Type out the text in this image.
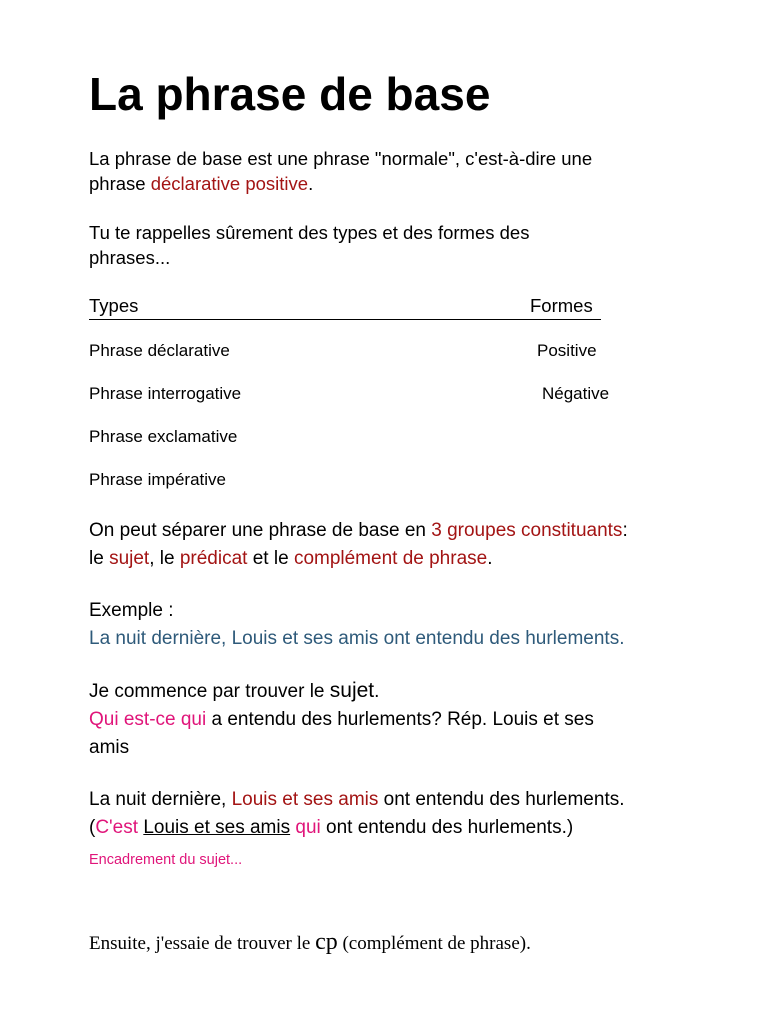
La phrase de base
La phrase de base est une phrase "normale", c'est-à-dire une
phrase déclarative positive.
Tu te rappelles sûrement des types et des formes des
phrases...
Types	Formes
Phrase déclarative
Phrase interrogative
Phrase exclamative
Phrase impérative
Positive
Négative
On peut séparer une phrase de base en 3 groupes constituants:
le sujet, le prédicat et le complément de phrase.
Exemple :
La nuit dernière, Louis et ses amis ont entendu des hurlements.
Je commence par trouver le sujet.
Qui est-ce qui a entendu des hurlements? Rép. Louis et ses
amis
La nuit dernière, Louis et ses amis ont entendu des hurlements.
(C'est Louis et ses amis qui ont entendu des hurlements.)
Encadrement du sujet...
Ensuite, j'essaie de trouver le cp (complément de phrase).
